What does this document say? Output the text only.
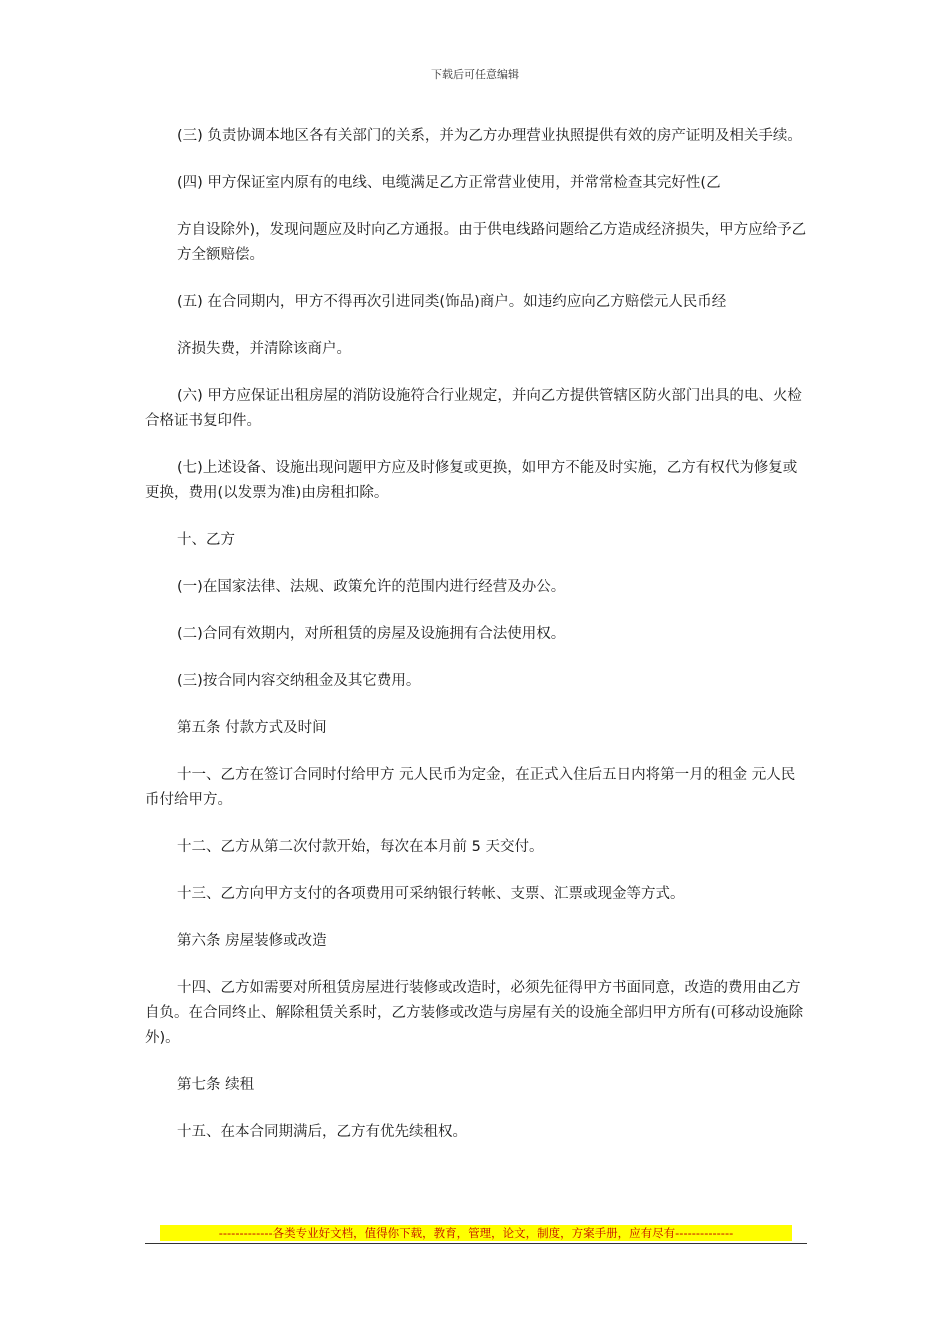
下载后可任意编辑

(三) 负责协调本地区各有关部门的关系，并为乙方办理营业执照提供有效的房产证明及相关手续。

(四) 甲方保证室内原有的电线、电缆满足乙方正常营业使用，并常常检查其完好性(乙

方自设除外)，发现问题应及时向乙方通报。由于供电线路问题给乙方造成经济损失，甲方应给予乙方全额赔偿。

(五) 在合同期内，甲方不得再次引进同类(饰品)商户。如违约应向乙方赔偿元人民币经

济损失费，并清除该商户。

(六) 甲方应保证出租房屋的消防设施符合行业规定，并向乙方提供管辖区防火部门出具的电、火检合格证书复印件。

(七)上述设备、设施出现问题甲方应及时修复或更换，如甲方不能及时实施，乙方有权代为修复或更换，费用(以发票为准)由房租扣除。

十、乙方

(一)在国家法律、法规、政策允许的范围内进行经营及办公。

(二)合同有效期内，对所租赁的房屋及设施拥有合法使用权。

(三)按合同内容交纳租金及其它费用。

第五条 付款方式及时间

十一、乙方在签订合同时付给甲方 元人民币为定金，在正式入住后五日内将第一月的租金 元人民币付给甲方。

十二、乙方从第二次付款开始，每次在本月前 5 天交付。

十三、乙方向甲方支付的各项费用可采纳银行转帐、支票、汇票或现金等方式。

第六条 房屋装修或改造

十四、乙方如需要对所租赁房屋进行装修或改造时，必须先征得甲方书面同意，改造的费用由乙方自负。在合同终止、解除租赁关系时，乙方装修或改造与房屋有关的设施全部归甲方所有(可移动设施除外)。

第七条 续租

十五、在本合同期满后，乙方有优先续租权。

-------------各类专业好文档，值得你下载，教育，管理，论文，制度，方案手册，应有尽有--------------
